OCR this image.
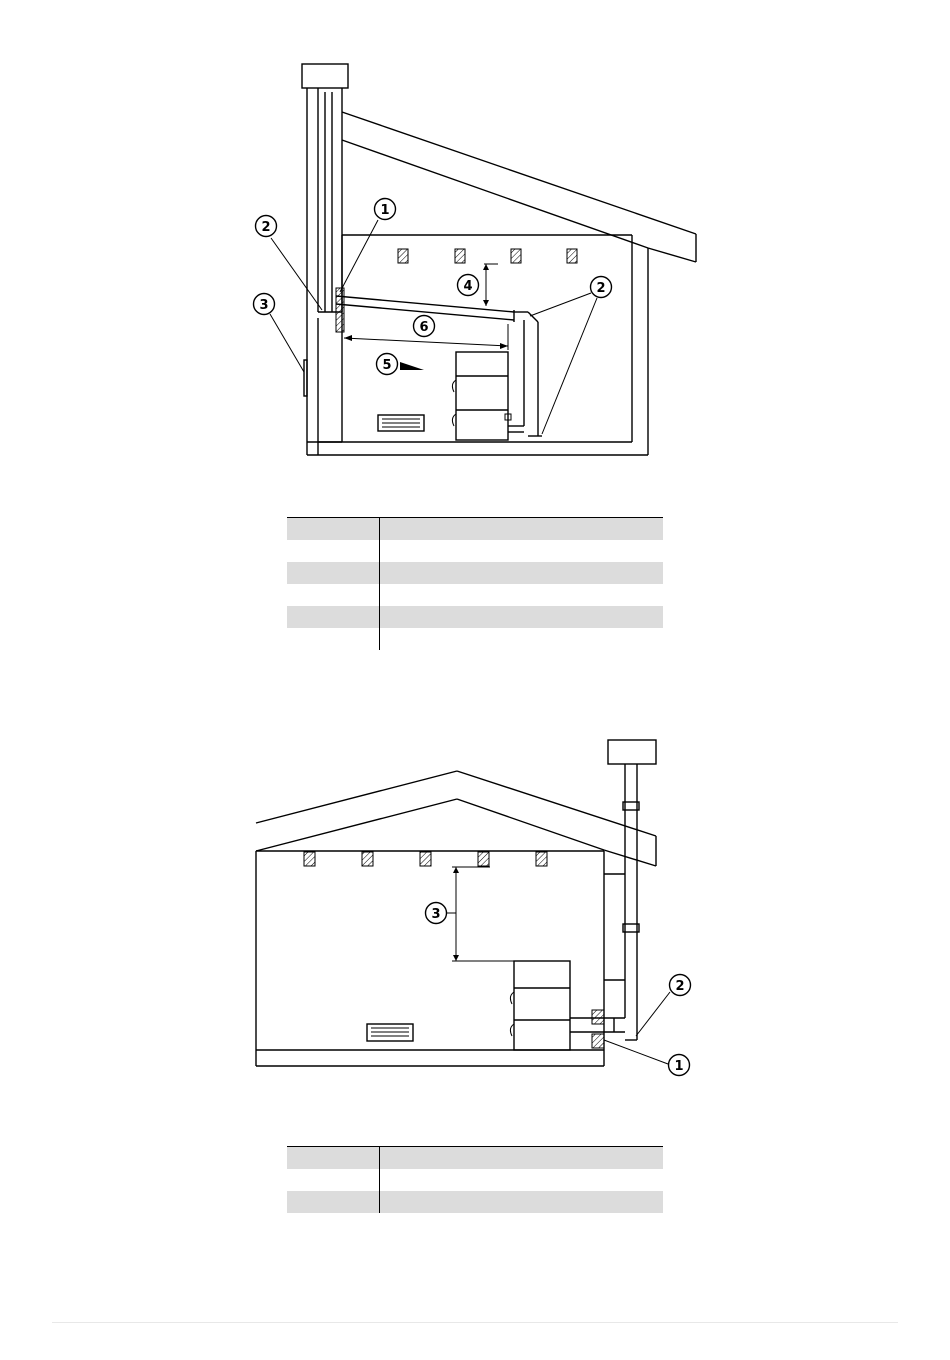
1
2
3
4	2
6
5
3
2
1
